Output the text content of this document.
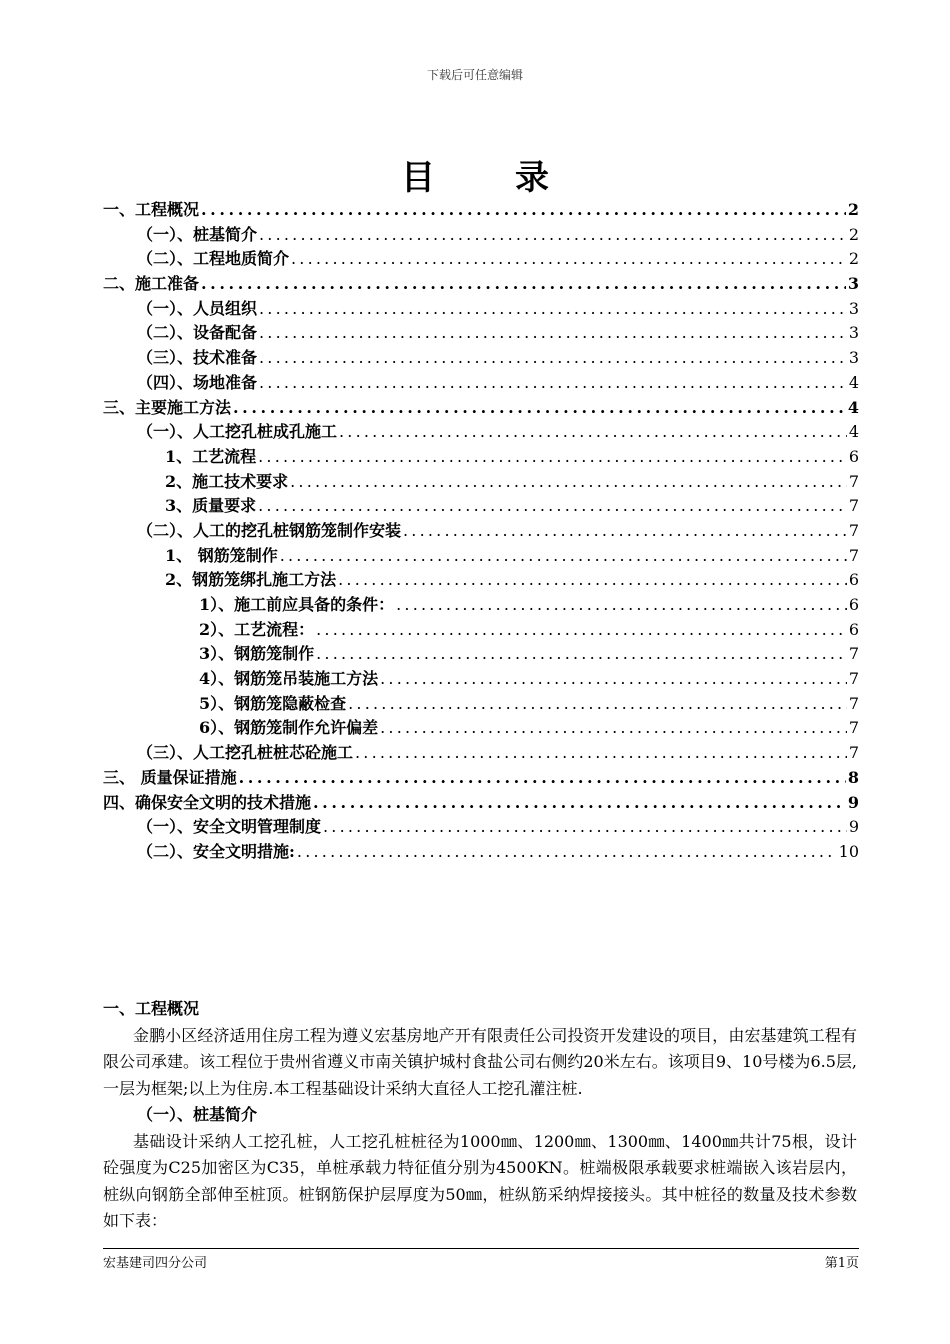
下载后可任意编辑
目录
一、工程概况 .....	2
（一）、桩基简介 .....	2
（二）、工程地质简介 .....	2
二、施工准备 .....	3
（一）、人员组织 .....	3
（二）、设备配备 .....	3
（三）、技术准备 .....	3
（四）、场地准备 .....	4
三、主要施工方法 .....	4
（一）、人工挖孔桩成孔施工 .....	4
1、工艺流程 .....	6
2、施工技术要求 .....	7
3、质量要求 .....	7
（二）、人工的挖孔桩钢筋笼制作安装 .....	7
1、 钢筋笼制作 .....	7
2、钢筋笼绑扎施工方法 .....	6
1）、施工前应具备的条件： .....	6
2）、工艺流程： .....	6
3）、钢筋笼制作 .....	7
4）、钢筋笼吊装施工方法 .....	7
5）、钢筋笼隐蔽检查 .....	7
6）、钢筋笼制作允许偏差 .....	7
（三）、人工挖孔桩桩芯砼施工 .....	7
三、 质量保证措施 .....	8
四、确保安全文明的技术措施 .....	9
（一）、安全文明管理制度 .....	9
（二）、安全文明措施: .....	10
一、工程概况

金鹏小区经济适用住房工程为遵义宏基房地产开有限责任公司投资开发建设的项目，由宏基建筑工程有限公司承建。该工程位于贵州省遵义市南关镇护城村食盐公司右侧约20米左右。该项目9、10号楼为6.5层,一层为框架;以上为住房.本工程基础设计采纳大直径人工挖孔灌注桩.

（一）、桩基简介

基础设计采纳人工挖孔桩，人工挖孔桩桩径为1000㎜、1200㎜、1300㎜、1400㎜共计75根，设计砼强度为C25加密区为C35，单桩承载力特征值分别为4500KN。桩端极限承载要求桩端嵌入该岩层内，桩纵向钢筋全部伸至桩顶。桩钢筋保护层厚度为50㎜，桩纵筋采纳焊接接头。其中桩径的数量及技术参数如下表：

宏基建司四分公司	第1页
